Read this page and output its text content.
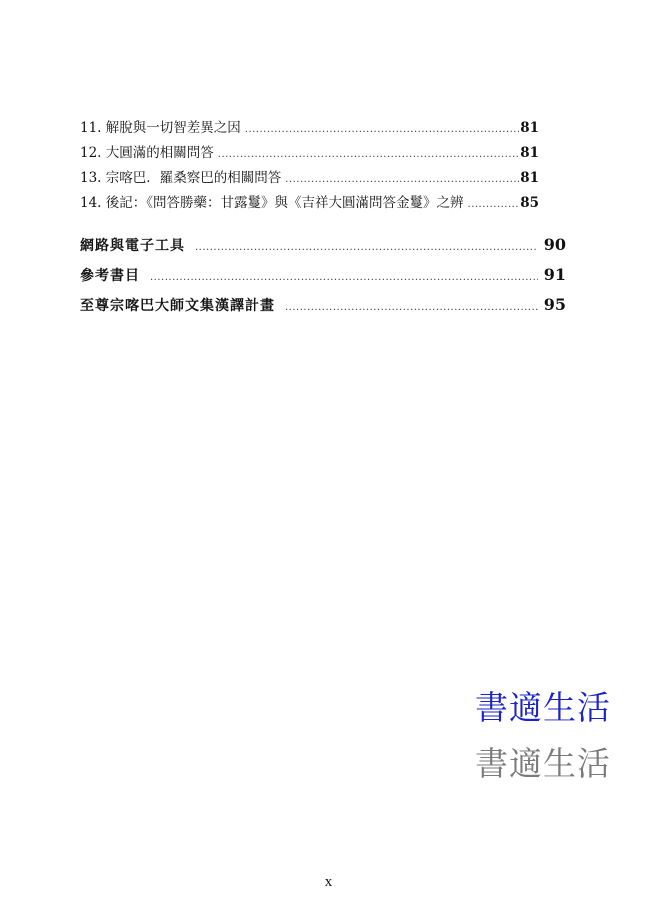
11. 解脫與一切智差異之因 .....	81
12. 大圓滿的相關問答 .....	81
13. 宗喀巴．羅桑察巴的相關問答 .....	81
14. 後記：《問答勝藥：甘露鬘》與《吉祥大圓滿問答金鬘》之辨 .....	85
網路與電子工具 .....	90
參考書目 .....	91
至尊宗喀巴大師文集漢譯計畫 .....	95
書適生活
書適生活
x
